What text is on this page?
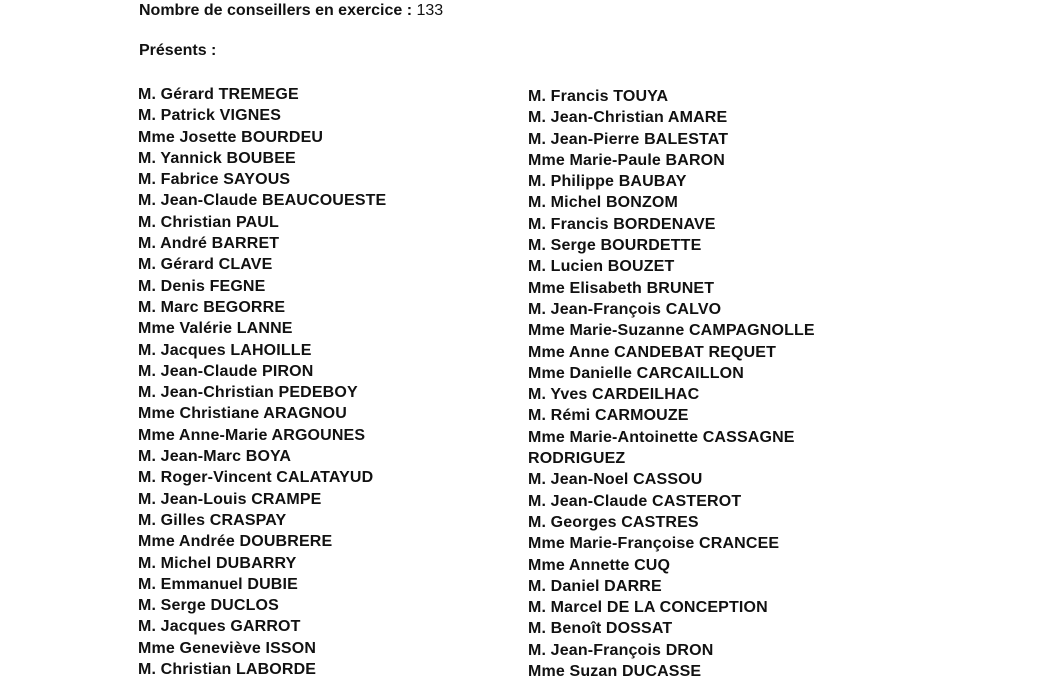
Nombre de conseillers en exercice : 133
Présents :
M. Gérard TREMEGE
M. Patrick VIGNES
Mme Josette BOURDEU
M. Yannick BOUBEE
M. Fabrice SAYOUS
M. Jean-Claude BEAUCOUESTE
M. Christian PAUL
M. André BARRET
M. Gérard CLAVE
M. Denis FEGNE
M. Marc BEGORRE
Mme Valérie LANNE
M. Jacques LAHOILLE
M. Jean-Claude PIRON
M. Jean-Christian PEDEBOY
Mme Christiane ARAGNOU
Mme Anne-Marie ARGOUNES
M. Jean-Marc BOYA
M. Roger-Vincent CALATAYUD
M. Jean-Louis CRAMPE
M. Gilles CRASPAY
Mme Andrée DOUBRERE
M. Michel DUBARRY
M. Emmanuel DUBIE
M. Serge DUCLOS
M. Jacques GARROT
Mme Geneviève ISSON
M. Christian LABORDE
M. Francis TOUYA
M. Jean-Christian AMARE
M. Jean-Pierre BALESTAT
Mme Marie-Paule BARON
M. Philippe BAUBAY
M. Michel BONZOM
M. Francis BORDENAVE
M. Serge BOURDETTE
M. Lucien BOUZET
Mme Elisabeth BRUNET
M. Jean-François CALVO
Mme Marie-Suzanne CAMPAGNOLLE
Mme Anne CANDEBAT REQUET
Mme Danielle CARCAILLON
M. Yves CARDEILHAC
M. Rémi CARMOUZE
Mme Marie-Antoinette CASSAGNE
RODRIGUEZ
M. Jean-Noel CASSOU
M. Jean-Claude CASTEROT
M. Georges CASTRES
Mme Marie-Françoise CRANCEE
Mme Annette CUQ
M. Daniel DARRE
M. Marcel DE LA CONCEPTION
M. Benoît DOSSAT
M. Jean-François DRON
Mme Suzan DUCASSE
